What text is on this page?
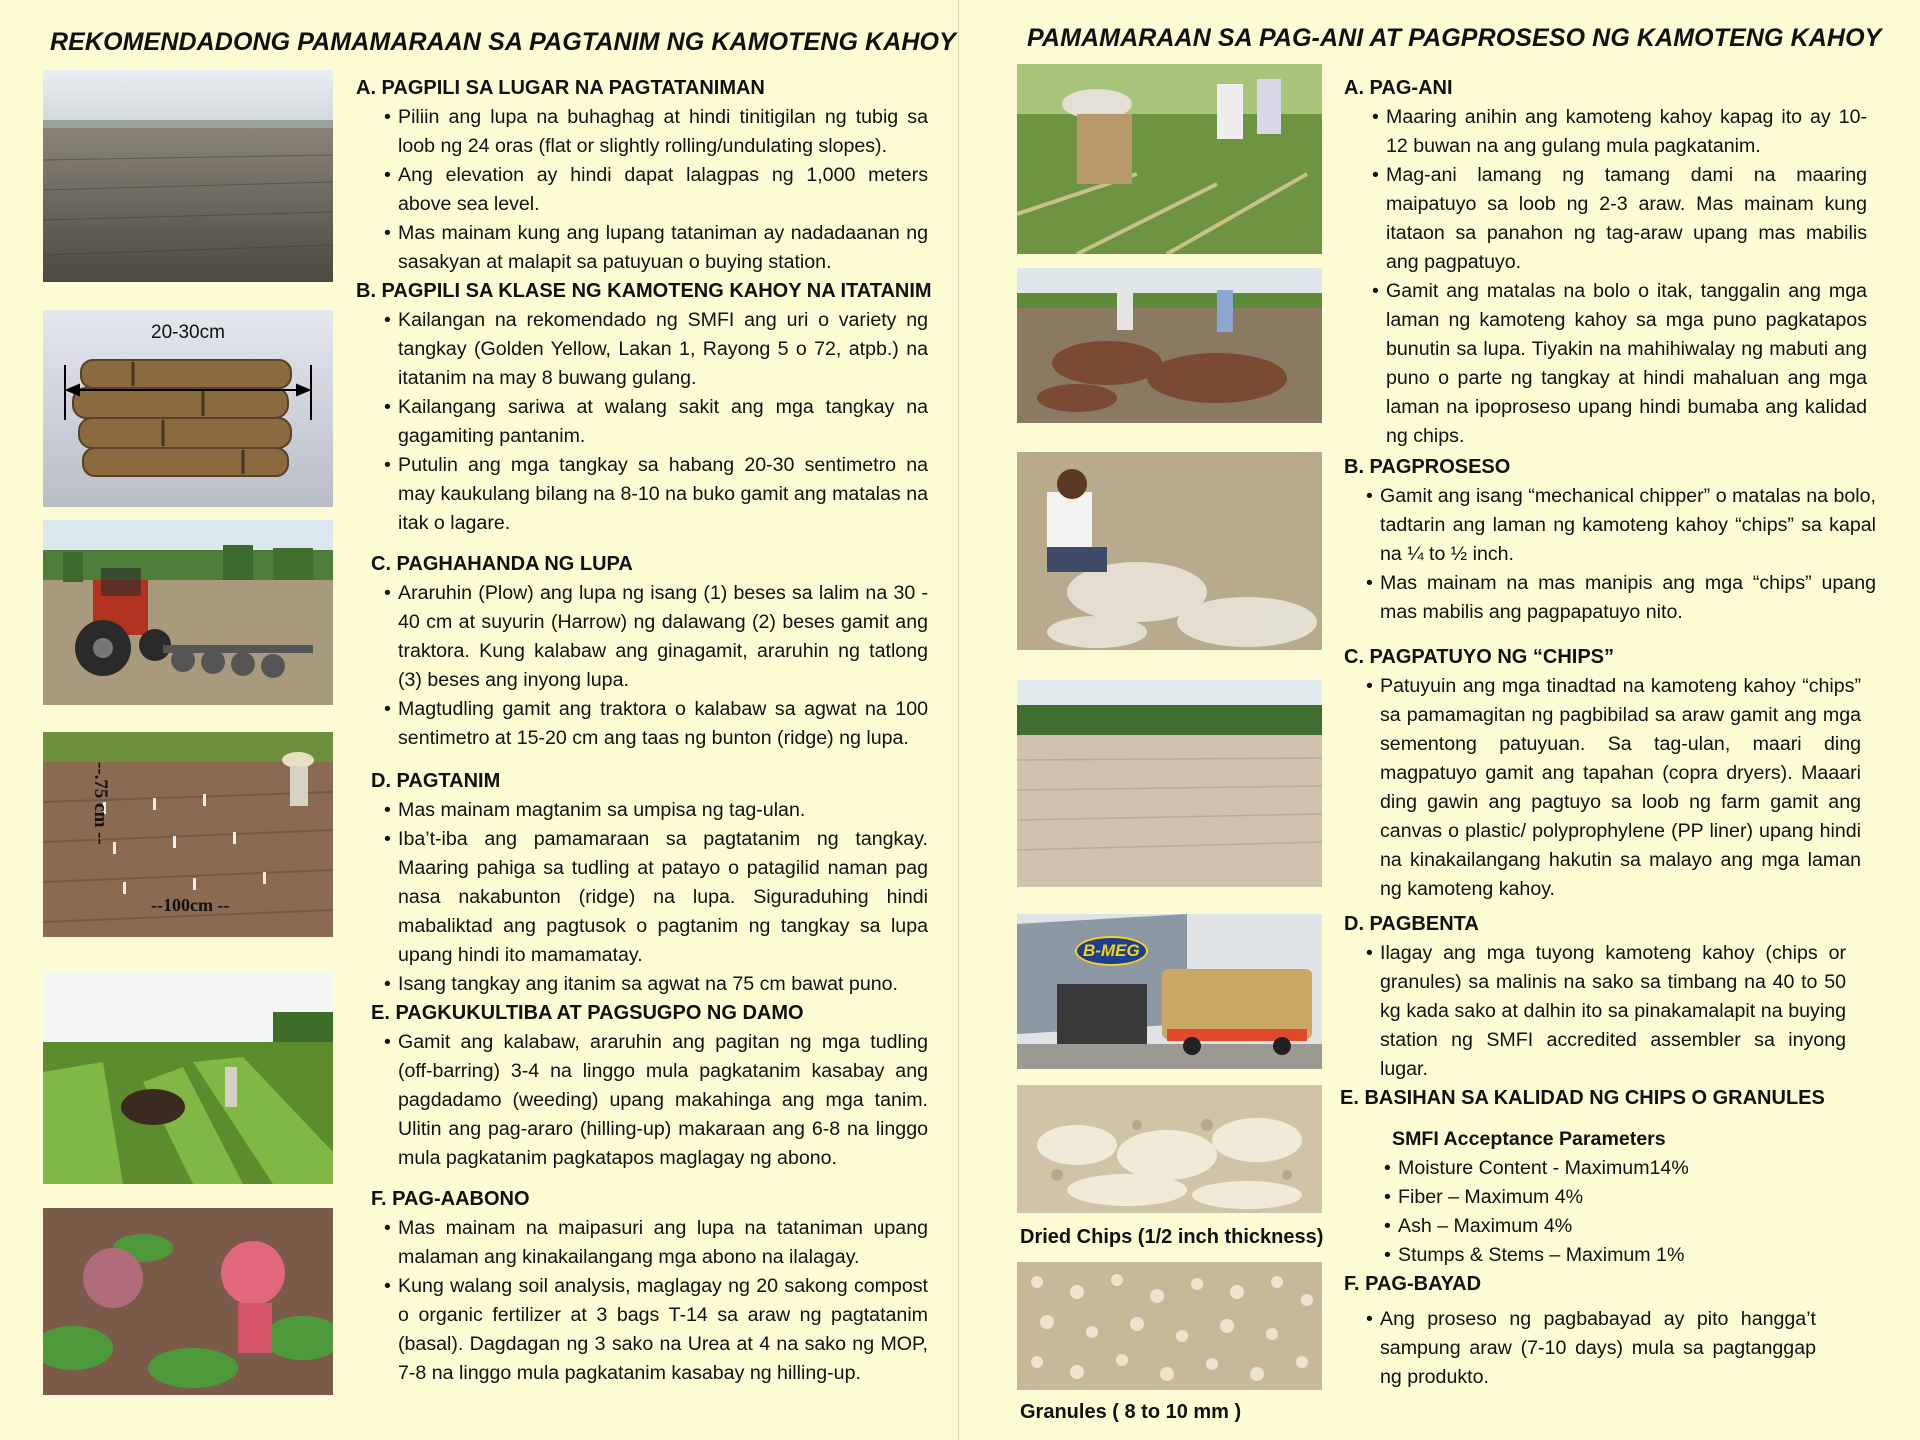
REKOMENDADONG PAMAMARAAN SA PAGTANIM NG KAMOTENG KAHOY
20-30cm
--.75 cm --
--100cm --
A. PAGPILI SA LUGAR NA PAGTATANIMAN
• Piliin ang lupa na buhaghag at hindi tinitigilan ng tubig sa loob ng 24 oras (flat or slightly rolling/undulating slopes).
• Ang elevation ay hindi dapat lalagpas ng 1,000 meters above sea level.
• Mas mainam kung ang lupang tataniman ay nadadaanan ng sasakyan at malapit sa patuyuan o buying station.
B. PAGPILI SA KLASE NG KAMOTENG KAHOY NA ITATANIM
• Kailangan na rekomendado ng SMFI ang uri o variety ng tangkay (Golden Yellow, Lakan 1, Rayong 5 o 72, atpb.) na itatanim na may 8 buwang gulang.
• Kailangang sariwa at walang sakit ang mga tangkay na gagamiting pantanim.
• Putulin ang mga tangkay sa habang 20-30 sentimetro na may kaukulang bilang na 8-10 na buko gamit ang matalas na itak o lagare.
C. PAGHAHANDA NG LUPA
• Araruhin (Plow) ang lupa ng isang (1) beses sa lalim na 30 - 40 cm at suyurin (Harrow) ng dalawang (2) beses gamit ang traktora. Kung kalabaw ang ginagamit, araruhin ng tatlong (3) beses ang inyong lupa.
• Magtudling gamit ang traktora o kalabaw sa agwat na 100 sentimetro at 15-20 cm ang taas ng bunton (ridge) ng lupa.
D. PAGTANIM
• Mas mainam magtanim sa umpisa ng tag-ulan.
• Iba’t-iba ang pamamaraan sa pagtatanim ng tangkay. Maaring pahiga sa tudling at patayo o patagilid naman pag nasa nakabunton (ridge) na lupa. Siguraduhing hindi mabaliktad ang pagtusok o pagtanim ng tangkay sa lupa upang hindi ito mamamatay.
• Isang tangkay ang itanim sa agwat na 75 cm bawat puno.
E. PAGKUKULTIBA AT PAGSUGPO NG DAMO
• Gamit ang kalabaw, araruhin ang pagitan ng mga tudling (off-barring) 3-4 na linggo mula pagkatanim kasabay ang pagdadamo (weeding) upang makahinga ang mga tanim. Ulitin ang pag-araro (hilling-up) makaraan ang 6-8 na linggo mula pagkatanim pagkatapos maglagay ng abono.
F. PAG-AABONO
• Mas mainam na maipasuri ang lupa na tataniman upang malaman ang kinakailangang mga abono na ilalagay.
• Kung walang soil analysis, maglagay ng 20 sakong compost o organic fertilizer at 3 bags T-14 sa araw ng pagtatanim (basal). Dagdagan ng 3 sako na Urea at 4 na sako ng MOP, 7-8 na linggo mula pagkatanim kasabay ng hilling-up.
PAMAMARAAN SA PAG-ANI AT PAGPROSESO NG KAMOTENG KAHOY
B-MEG
Dried Chips (1/2 inch thickness)
Granules ( 8 to 10 mm )
A. PAG-ANI
• Maaring anihin ang kamoteng kahoy kapag ito ay 10-12 buwan na ang gulang mula pagkatanim.
• Mag-ani lamang ng tamang dami na maaring maipatuyo sa loob ng 2-3 araw. Mas mainam kung itataon sa panahon ng tag-araw upang mas mabilis ang pagpatuyo.
• Gamit ang matalas na bolo o itak, tanggalin ang mga laman ng kamoteng kahoy sa mga puno pagkatapos bunutin sa lupa. Tiyakin na mahihiwalay ng mabuti ang puno o parte ng tangkay at hindi mahaluan ang mga laman na ipoproseso upang hindi bumaba ang kalidad ng chips.
B. PAGPROSESO
• Gamit ang isang “mechanical chipper” o matalas na bolo, tadtarin ang laman ng kamoteng kahoy “chips” sa kapal na ¼ to ½ inch.
• Mas mainam na mas manipis ang mga “chips” upang mas mabilis ang pagpapatuyo nito.
C. PAGPATUYO NG “CHIPS”
• Patuyuin ang mga tinadtad na kamoteng kahoy “chips” sa pamamagitan ng pagbibilad sa araw gamit ang mga sementong patuyuan. Sa tag-ulan, maari ding magpatuyo gamit ang tapahan (copra dryers). Maaari ding gawin ang pagtuyo sa loob ng farm gamit ang canvas o plastic/ polyprophylene (PP liner) upang hindi na kinakailangang hakutin sa malayo ang mga laman ng kamoteng kahoy.
D. PAGBENTA
• Ilagay ang mga tuyong kamoteng kahoy (chips or granules) sa malinis na sako sa timbang na 40 to 50 kg kada sako at dalhin ito sa pinakamalapit na buying station ng SMFI accredited assembler sa inyong lugar.
E. BASIHAN SA KALIDAD NG CHIPS O GRANULES
SMFI Acceptance Parameters
• Moisture Content - Maximum14%
• Fiber – Maximum 4%
• Ash – Maximum 4%
• Stumps & Stems – Maximum 1%
F. PAG-BAYAD
• Ang proseso ng pagbabayad ay pito hangga’t sampung araw (7-10 days) mula sa pagtanggap ng produkto.
